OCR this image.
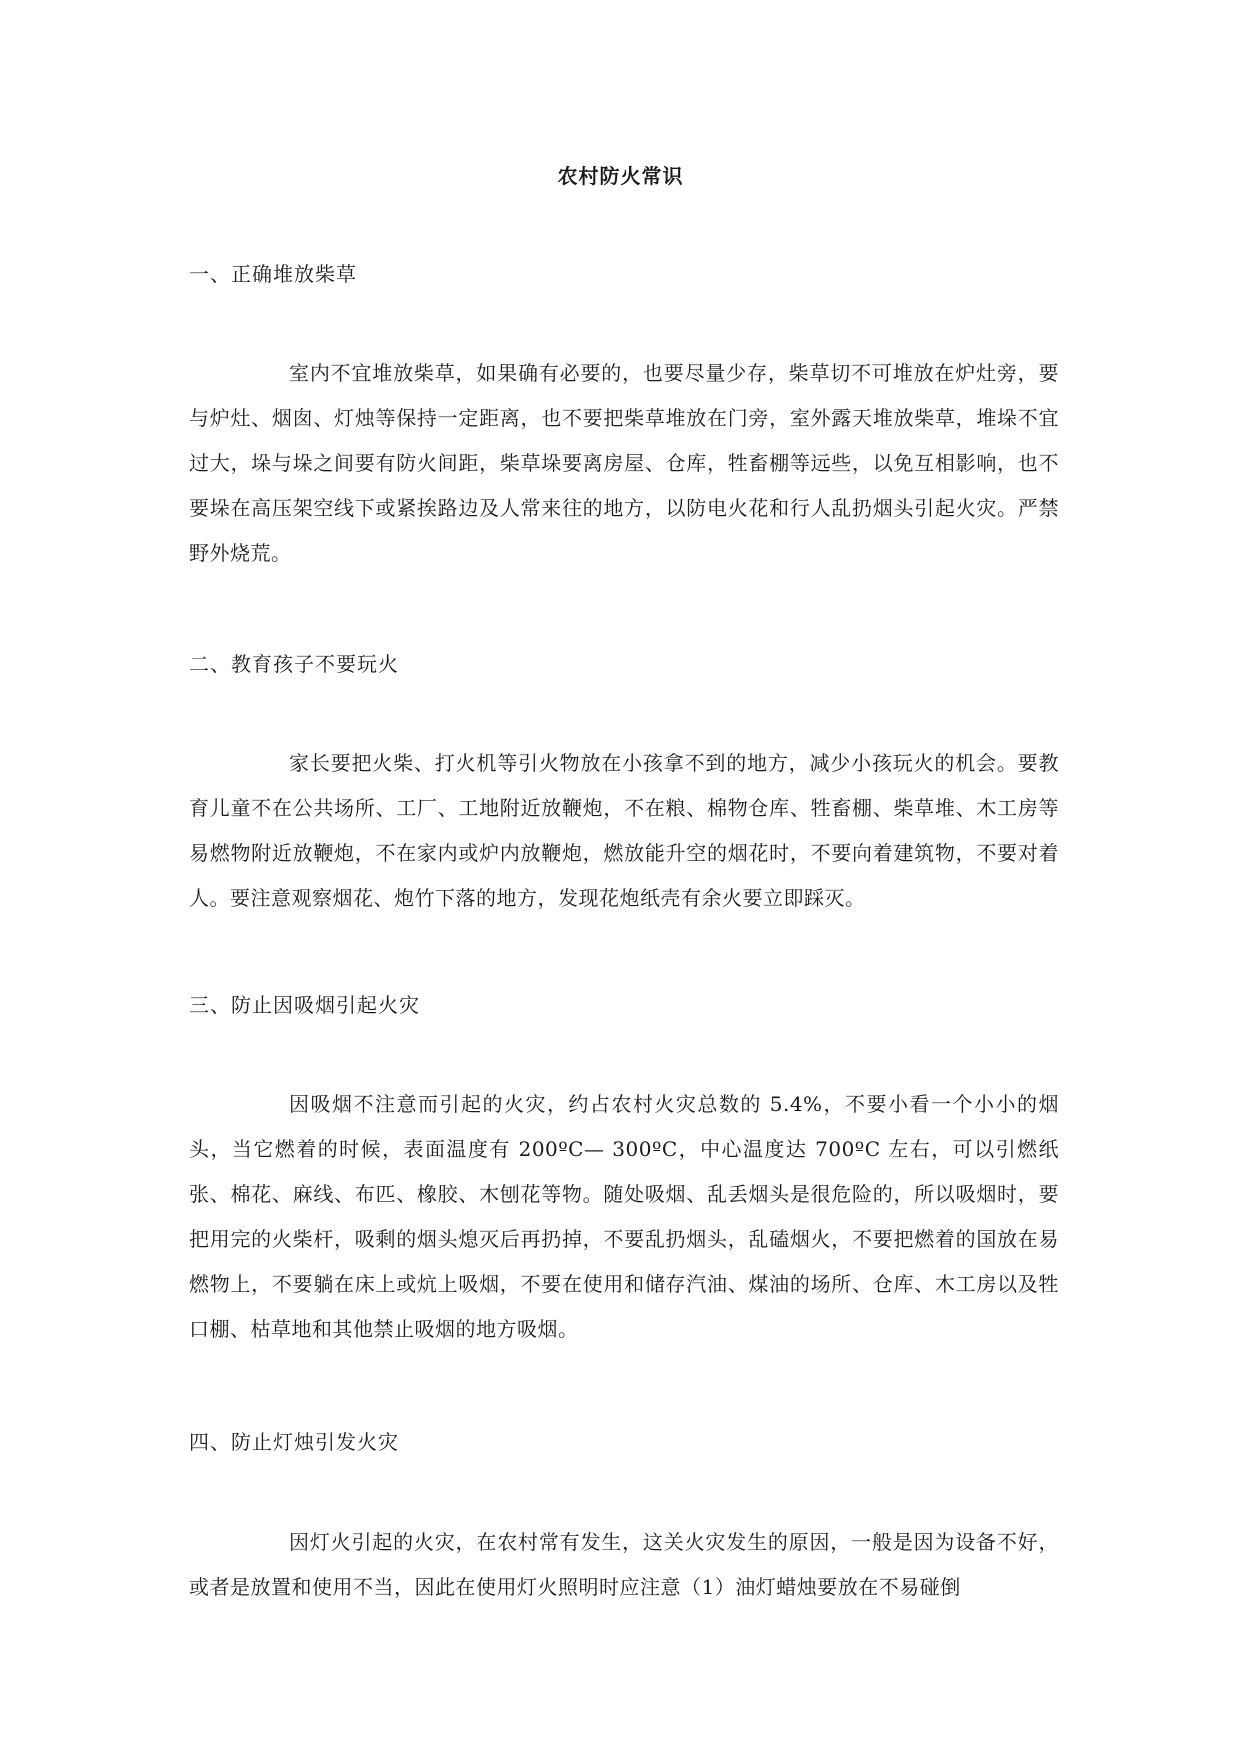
农村防火常识
一、正确堆放柴草
室内不宜堆放柴草，如果确有必要的，也要尽量少存，柴草切不可堆放在炉灶旁，要与炉灶、烟囱、灯烛等保持一定距离，也不要把柴草堆放在门旁，室外露天堆放柴草，堆垛不宜过大，垛与垛之间要有防火间距，柴草垛要离房屋、仓库，牲畜棚等远些，以免互相影响，也不要垛在高压架空线下或紧挨路边及人常来往的地方，以防电火花和行人乱扔烟头引起火灾。严禁野外烧荒。
二、教育孩子不要玩火
家长要把火柴、打火机等引火物放在小孩拿不到的地方，减少小孩玩火的机会。要教育儿童不在公共场所、工厂、工地附近放鞭炮，不在粮、棉物仓库、牲畜棚、柴草堆、木工房等易燃物附近放鞭炮，不在家内或炉内放鞭炮，燃放能升空的烟花时，不要向着建筑物，不要对着人。要注意观察烟花、炮竹下落的地方，发现花炮纸壳有余火要立即踩灭。
三、防止因吸烟引起火灾
因吸烟不注意而引起的火灾，约占农村火灾总数的 5.4%，不要小看一个小小的烟头，当它燃着的时候，表面温度有 200ºC— 300ºC，中心温度达 700ºC 左右，可以引燃纸张、棉花、麻线、布匹、橡胶、木刨花等物。随处吸烟、乱丢烟头是很危险的，所以吸烟时，要把用完的火柴杆，吸剩的烟头熄灭后再扔掉，不要乱扔烟头，乱磕烟火，不要把燃着的国放在易燃物上，不要躺在床上或炕上吸烟，不要在使用和储存汽油、煤油的场所、仓库、木工房以及牲口棚、枯草地和其他禁止吸烟的地方吸烟。
四、防止灯烛引发火灾
因灯火引起的火灾，在农村常有发生，这关火灾发生的原因，一般是因为设备不好，或者是放置和使用不当，因此在使用灯火照明时应注意（1）油灯蜡烛要放在不易碰倒
